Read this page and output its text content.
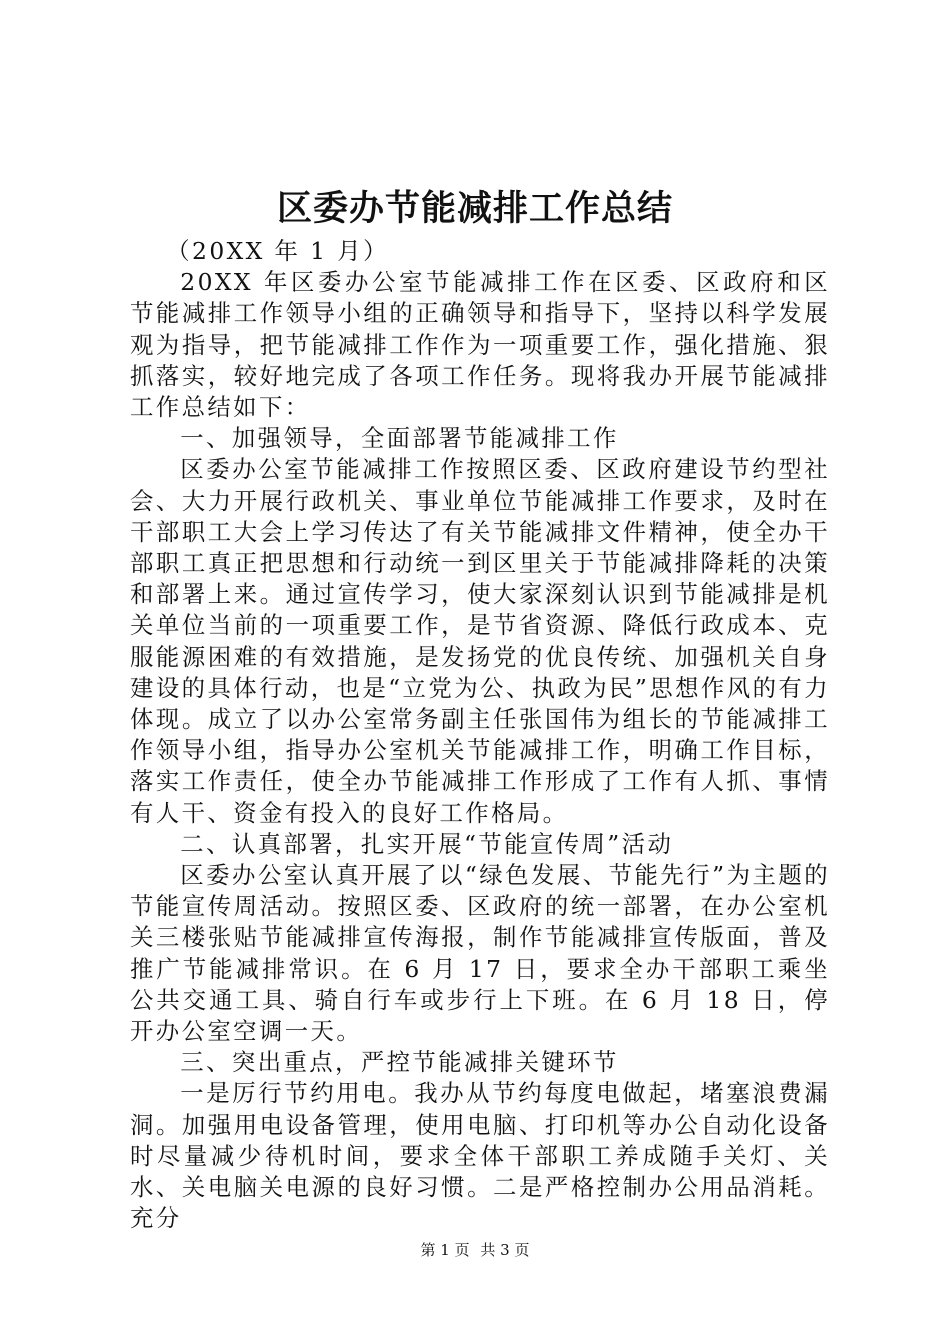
区委办节能减排工作总结

（20XX 年 1 月）

20XX 年区委办公室节能减排工作在区委、区政府和区节能减排工作领导小组的正确领导和指导下，坚持以科学发展观为指导，把节能减排工作作为一项重要工作，强化措施、狠抓落实，较好地完成了各项工作任务。现将我办开展节能减排工作总结如下：

一、加强领导，全面部署节能减排工作

区委办公室节能减排工作按照区委、区政府建设节约型社会、大力开展行政机关、事业单位节能减排工作要求，及时在干部职工大会上学习传达了有关节能减排文件精神，使全办干部职工真正把思想和行动统一到区里关于节能减排降耗的决策和部署上来。通过宣传学习，使大家深刻认识到节能减排是机关单位当前的一项重要工作，是节省资源、降低行政成本、克服能源困难的有效措施，是发扬党的优良传统、加强机关自身建设的具体行动，也是“立党为公、执政为民”思想作风的有力体现。成立了以办公室常务副主任张国伟为组长的节能减排工作领导小组，指导办公室机关节能减排工作，明确工作目标，落实工作责任，使全办节能减排工作形成了工作有人抓、事情有人干、资金有投入的良好工作格局。

二、认真部署，扎实开展“节能宣传周”活动

区委办公室认真开展了以“绿色发展、节能先行”为主题的节能宣传周活动。按照区委、区政府的统一部署，在办公室机关三楼张贴节能减排宣传海报，制作节能减排宣传版面，普及推广节能减排常识。在 6 月 17 日，要求全办干部职工乘坐公共交通工具、骑自行车或步行上下班。在 6 月 18 日，停开办公室空调一天。

三、突出重点，严控节能减排关键环节

一是厉行节约用电。我办从节约每度电做起，堵塞浪费漏洞。加强用电设备管理，使用电脑、打印机等办公自动化设备时尽量减少待机时间，要求全体干部职工养成随手关灯、关水、关电脑关电源的良好习惯。二是严格控制办公用品消耗。充分

第 1 页 共 3 页
